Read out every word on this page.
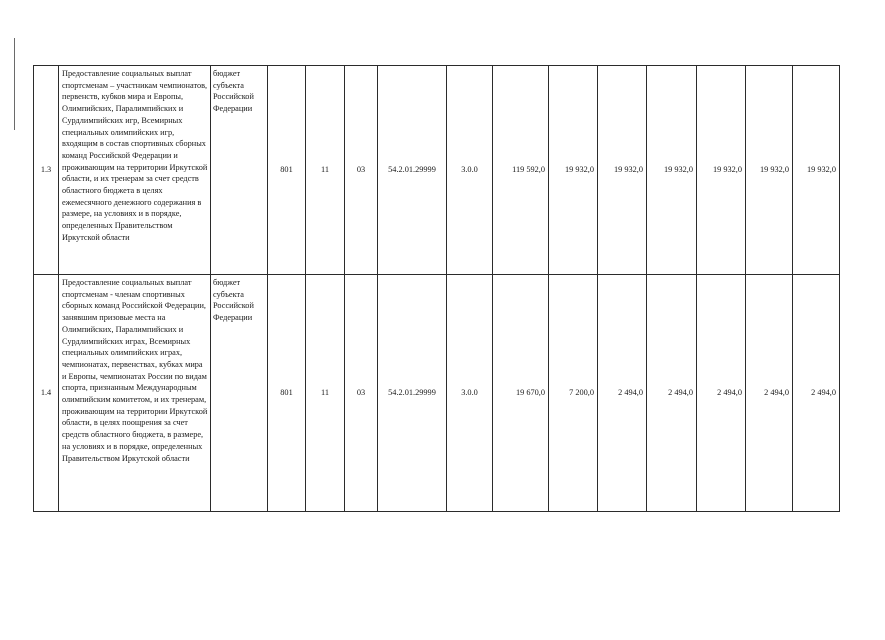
1.3	Предоставление социальных выплат спортсменам – участникам чемпионатов, первенств, кубков мира и Европы, Олимпийских, Паралимпийских и Сурдлимпийских игр, Всемирных специальных олимпийских игр, входящим в состав спортивных сборных команд Российской Федерации и проживающим на территории Иркутской области, и их тренерам за счет средств областного бюджета в целях ежемесячного денежного содержания в размере, на условиях и в порядке, определенных Правительством Иркутской области	бюджет субъекта Российской Федерации	801	11	03	54.2.01.29999	3.0.0	119 592,0	19 932,0	19 932,0	19 932,0	19 932,0	19 932,0	19 932,0
1.4	Предоставление социальных выплат спортсменам - членам спортивных сборных команд Российской Федерации, занявшим призовые места на Олимпийских, Паралимпийских и Сурдлимпийских играх, Всемирных специальных олимпийских играх, чемпионатах, первенствах, кубках мира и Европы, чемпионатах России по видам спорта, признанным Международным олимпийским комитетом, и их тренерам, проживающим на территории Иркутской области, в целях поощрения за счет средств областного бюджета, в размере, на условиях и в порядке, определенных Правительством Иркутской области	бюджет субъекта Российской Федерации	801	11	03	54.2.01.29999	3.0.0	19 670,0	7 200,0	2 494,0	2 494,0	2 494,0	2 494,0	2 494,0
